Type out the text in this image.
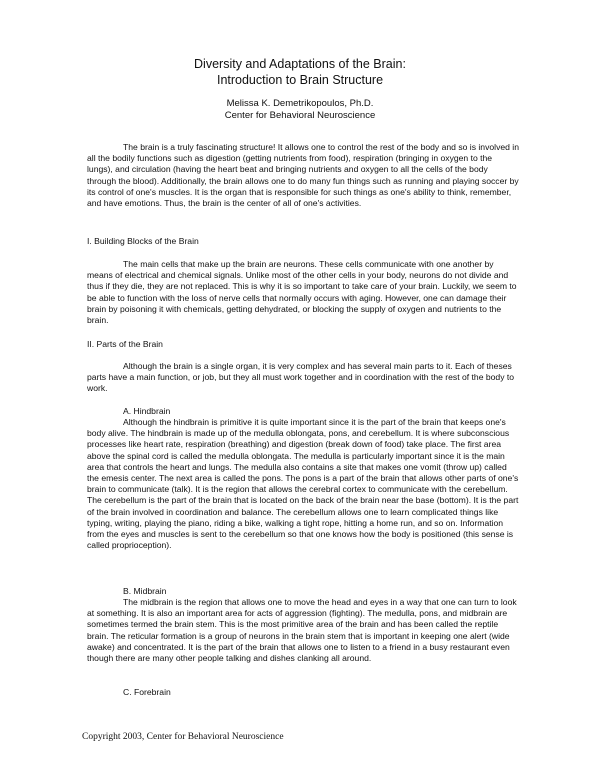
Diversity and Adaptations of the Brain:
Introduction to Brain Structure
Melissa K. Demetrikopoulos, Ph.D.
Center for Behavioral Neuroscience

The brain is a truly fascinating structure! It allows one to control the rest of the body and so is involved in all the bodily functions such as digestion (getting nutrients from food), respiration (bringing in oxygen to the lungs), and circulation (having the heart beat and bringing nutrients and oxygen to all the cells of the body through the blood). Additionally, the brain allows one to do many fun things such as running and playing soccer by its control of one's muscles. It is the organ that is responsible for such things as one's ability to think, remember, and have emotions. Thus, the brain is the center of all of one's activities.

I. Building Blocks of the Brain

The main cells that make up the brain are neurons. These cells communicate with one another by means of electrical and chemical signals. Unlike most of the other cells in your body, neurons do not divide and thus if they die, they are not replaced. This is why it is so important to take care of your brain. Luckily, we seem to be able to function with the loss of nerve cells that normally occurs with aging. However, one can damage their brain by poisoning it with chemicals, getting dehydrated, or blocking the supply of oxygen and nutrients to the brain.

II. Parts of the Brain

Although the brain is a single organ, it is very complex and has several main parts to it. Each of theses parts have a main function, or job, but they all must work together and in coordination with the rest of the body to work.

A. Hindbrain

Although the hindbrain is primitive it is quite important since it is the part of the brain that keeps one's body alive. The hindbrain is made up of the medulla oblongata, pons, and cerebellum. It is where subconscious processes like heart rate, respiration (breathing) and digestion (break down of food) take place. The first area above the spinal cord is called the medulla oblongata. The medulla is particularly important since it is the main area that controls the heart and lungs. The medulla also contains a site that makes one vomit (throw up) called the emesis center. The next area is called the pons. The pons is a part of the brain that allows other parts of one's brain to communicate (talk). It is the region that allows the cerebral cortex to communicate with the cerebellum. The cerebellum is the part of the brain that is located on the back of the brain near the base (bottom). It is the part of the brain involved in coordination and balance. The cerebellum allows one to learn complicated things like typing, writing, playing the piano, riding a bike, walking a tight rope, hitting a home run, and so on. Information from the eyes and muscles is sent to the cerebellum so that one knows how the body is positioned (this sense is called proprioception).

B. Midbrain

The midbrain is the region that allows one to move the head and eyes in a way that one can turn to look at something. It is also an important area for acts of aggression (fighting). The medulla, pons, and midbrain are sometimes termed the brain stem. This is the most primitive area of the brain and has been called the reptile brain. The reticular formation is a group of neurons in the brain stem that is important in keeping one alert (wide awake) and concentrated. It is the part of the brain that allows one to listen to a friend in a busy restaurant even though there are many other people talking and dishes clanking all around.

C. Forebrain

Copyright 2003, Center for Behavioral Neuroscience
